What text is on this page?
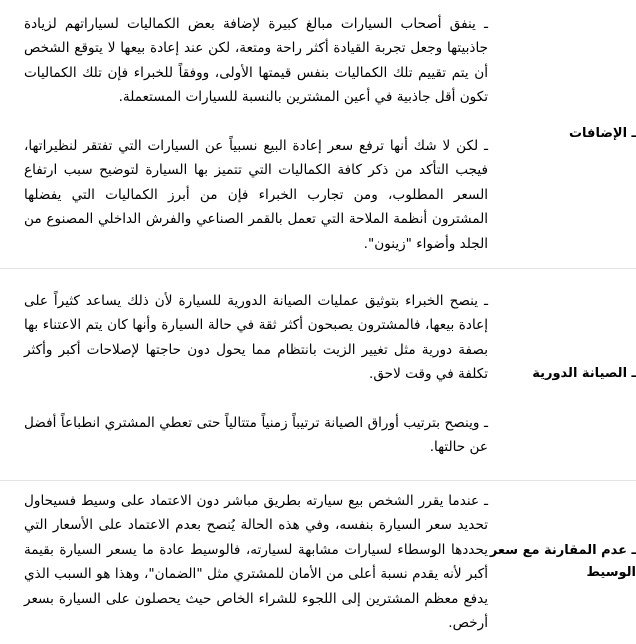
ـ الإضافات	ـ ينفق أصحاب السيارات مبالغ كبيرة لإضافة بعض الكماليات لسياراتهم لزيادة جاذبيتها وجعل تجربة القيادة أكثر راحة ومتعة، لكن عند إعادة بيعها لا يتوقع الشخص أن يتم تقييم تلك الكماليات بنفس قيمتها الأولى، ووفقاً للخبراء فإن تلك الكماليات تكون أقل جاذبية في أعين المشترين بالنسبة للسيارات المستعملة.

ـ لكن لا شك أنها ترفع سعر إعادة البيع نسبياً عن السيارات التي تفتقر لنظيراتها، فيجب التأكد من ذكر كافة الكماليات التي تتميز بها السيارة لتوضيح سبب ارتفاع السعر المطلوب، ومن تجارب الخبراء فإن من أبرز الكماليات التي يفضلها المشترون أنظمة الملاحة التي تعمل بالقمر الصناعي والفرش الداخلي المصنوع من الجلد وأضواء "زينون".

ـ الصيانة الدورية	ـ ينصح الخبراء بتوثيق عمليات الصيانة الدورية للسيارة لأن ذلك يساعد كثيراً على إعادة بيعها، فالمشترون يصبحون أكثر ثقة في حالة السيارة وأنها كان يتم الاعتناء بها بصفة دورية مثل تغيير الزيت بانتظام مما يحول دون حاجتها لإصلاحات أكبر وأكثر تكلفة في وقت لاحق.

ـ وينصح بترتيب أوراق الصيانة ترتيباً زمنياً متتالياً حتى تعطي المشتري انطباعاً أفضل عن حالتها.

ـ عدم المقارنة مع سعر الوسيط	ـ عندما يقرر الشخص بيع سيارته بطريق مباشر دون الاعتماد على وسيط فسيحاول تحديد سعر السيارة بنفسه، وفي هذه الحالة يُنصح بعدم الاعتماد على الأسعار التي يحددها الوسطاء لسيارات مشابهة لسيارته، فالوسيط عادة ما يسعر السيارة بقيمة أكبر لأنه يقدم نسبة أعلى من الأمان للمشتري مثل "الضمان"، وهذا هو السبب الذي يدفع معظم المشترين إلى اللجوء للشراء الخاص حيث يحصلون على السيارة بسعر أرخص.
